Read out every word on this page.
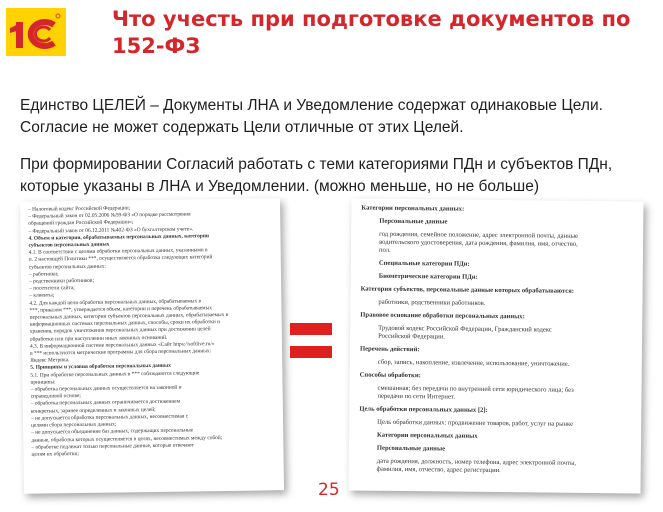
Что учесть при подготовке документов по 152-ФЗ
Единство ЦЕЛЕЙ – Документы ЛНА и Уведомление содержат одинаковые Цели. Согласие не может содержать Цели отличные от этих Целей.
При формировании Согласий работать с теми категориями ПДн и субъектов ПДн, которые указаны в ЛНА и Уведомлении. (можно меньше, но не больше)
– Налоговый кодекс Российской Федерации;
– Федеральный закон от 02.05.2006 №59-ФЗ «О порядке рассмотрения
обращений граждан Российской Федерации»;
– Федеральный закон от 06.12.2011 №402-ФЗ «О бухгалтерском учете».
4. Объем и категории, обрабатываемых персональных данных, категории
субъектов персональных данных
4.1. В соответствии с целями обработки персональных данных, указанными в
п. 2 настоящей Политики ***, осуществляется обработка следующих категорий
субъектов персональных данных:
– работники;
– родственники работников;
– посетители сайта;
– клиенты;
4.2. Для каждой цели обработки персональных данных, обрабатываемых в
***, приказом ***, утверждается объем, категории и перечень обрабатываемых
персональных данных, категории субъектов персональных данных, обрабатываемых в
информационных системах персональных данных, способы, сроки их обработки и
хранения, порядок уничтожения персональных данных при достижении целей
обработки или при наступлении иных законных оснований.
4.3. В информационной системе персональных данных «Сайт https://softlive.ru/»
в *** используются метрические программы для сбора персональных данных:
Яндекс Метрика.
5. Принципы и условия обработки персональных данных
5.1. При обработке персональных данных в *** соблюдаются следующие
принципы:
– обработка персональных данных осуществляется на законной и
справедливой основе;
– обработка персональных данных ограничивается достижением
конкретных, заранее определенных и законных целей;
– не допускается обработка персональных данных, несовместимая с
целями сбора персональных данных;
– не допускается объединение баз данных, содержащих персональные
данные, обработка которых осуществляется в целях, несовместимых между собой;
– обработке подлежат только персональные данные, которые отвечают
целям их обработки;
Категории персональных данных:
Персональные данные
год рождения, семейное положение, адрес электронной почты, данные
водительского удостоверения, дата рождения, фамилия, имя, отчество,
пол.
Специальные категории ПДн:
Биометрические категории ПДн:
Категория субъектов, персональные данные которых обрабатываются:
работники, родственники работников.
Правовое основание обработки персональных данных:
Трудовой кодекс Российской Федерации, Гражданский кодекс
Российской Федерации.
Перечень действий:
сбор, запись, накопление, извлечение, использование, уничтожение.
Способы обработки:
смешанная; без передачи по внутренней сети юридического лица; без
передачи по сети Интернет.
Цель обработки персональных данных [2]:
Цель обработки данных: продвижение товаров, работ, услуг на рынке
Категории персональных данных
Персональные данные
дата рождения, должность, номер телефона, адрес электронной почты,
фамилия, имя, отчество, адрес регистрации.
25
